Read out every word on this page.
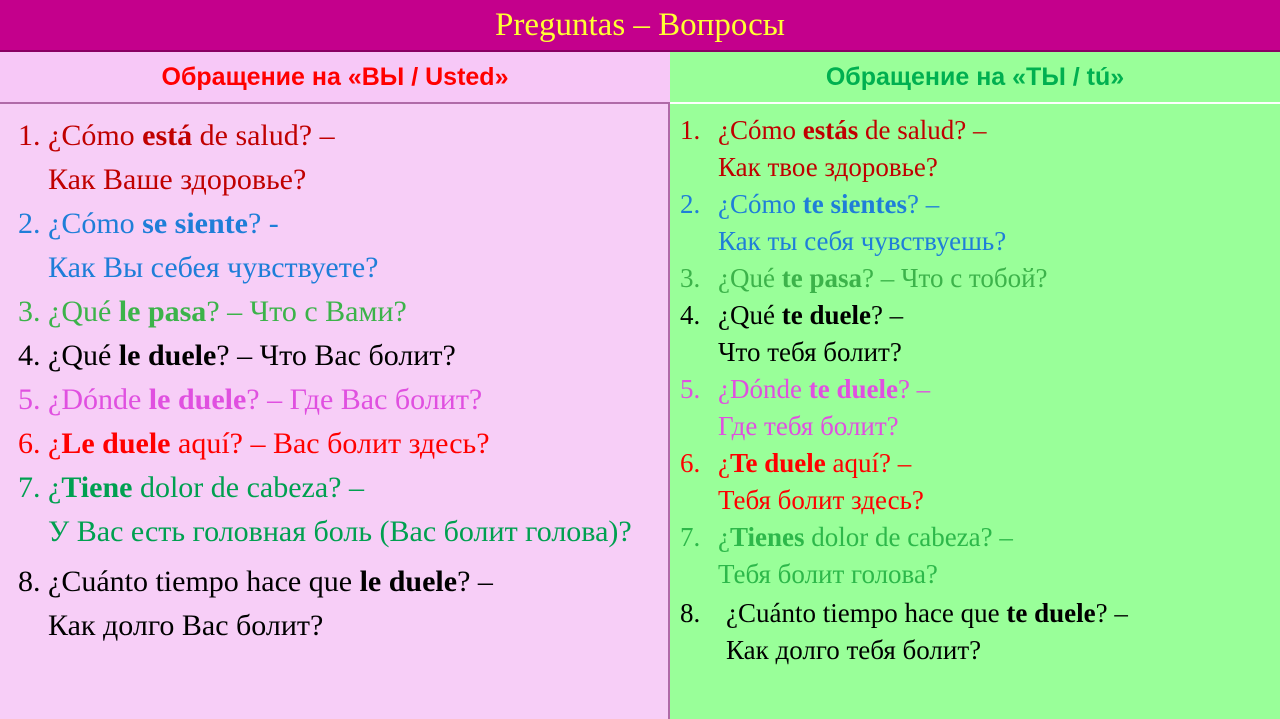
Preguntas – Вопросы
Обращение на «ВЫ / Usted»	Обращение на «ТЫ / tú»
1. ¿Cómo está de salud? –
Как Ваше здоровье?
2. ¿Cómo se siente? -
Как Вы себея чувствуете?
3. ¿Qué le pasa? – Что с Вами?
4. ¿Qué le duele? – Что Вас болит?
5. ¿Dónde le duele? – Где Вас болит?
6. ¿Le duele aquí? – Вас болит здесь?
7. ¿Tiene dolor de cabeza? –
У Вас есть головная боль (Вас болит голова)?
8. ¿Cuánto tiempo hace que le duele? –
Как долго Вас болит?
1. ¿Cómo estás de salud? –
Как твое здоровье?
2. ¿Cómo te sientes? –
Как ты себя чувствуешь?
3. ¿Qué te pasa? – Что с тобой?
4. ¿Qué te duele? –
Что тебя болит?
5. ¿Dónde te duele? –
Где тебя болит?
6. ¿Te duele aquí? –
Тебя болит здесь?
7. ¿Tienes dolor de cabeza? –
Тебя болит голова?
8. ¿Cuánto tiempo hace que te duele? –
Как долго тебя болит?
